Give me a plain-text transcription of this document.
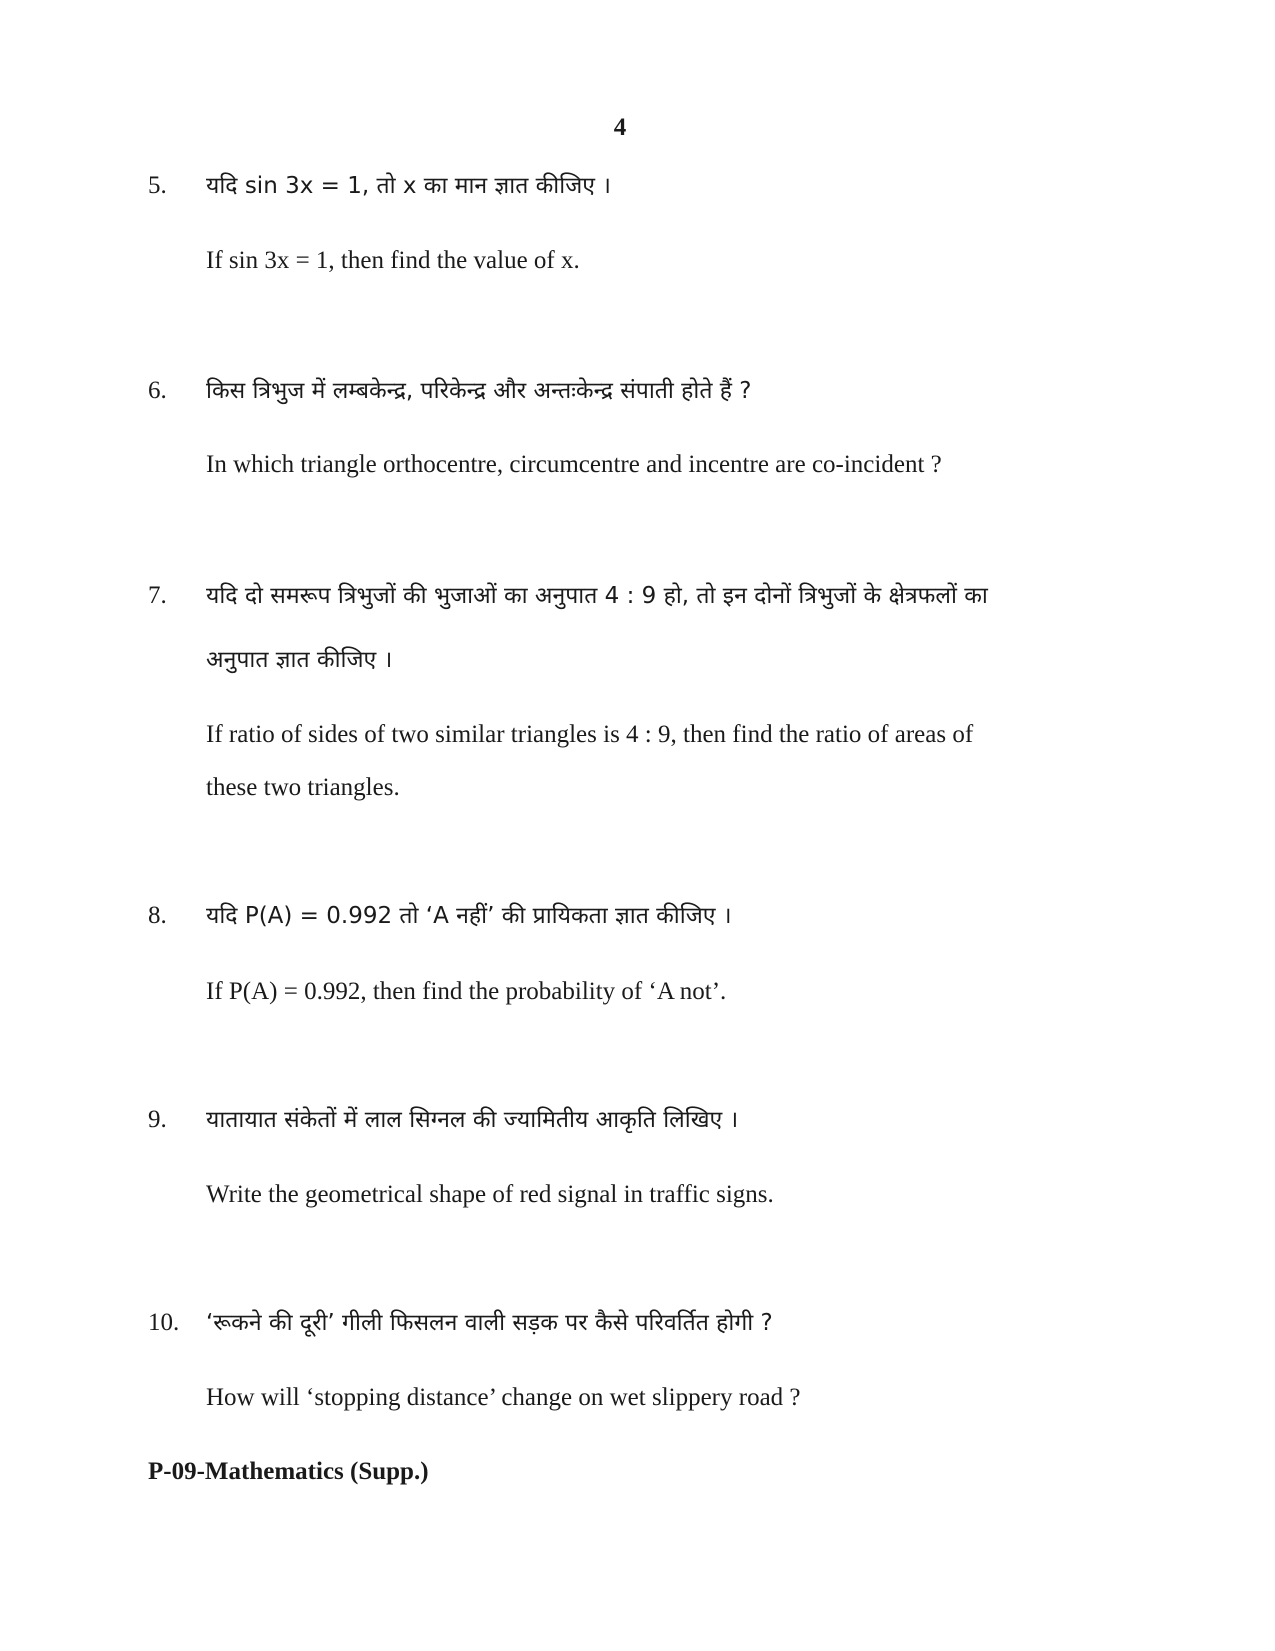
4
5. यदि sin 3x = 1, तो x का मान ज्ञात कीजिए ।
If sin 3x = 1, then find the value of x.
6. किस त्रिभुज में लम्बकेन्द्र, परिकेन्द्र और अन्तःकेन्द्र संपाती होते हैं ?
In which triangle orthocentre, circumcentre and incentre are co-incident ?
7. यदि दो समरूप त्रिभुजों की भुजाओं का अनुपात 4 : 9 हो, तो इन दोनों त्रिभुजों के क्षेत्रफलों का
अनुपात ज्ञात कीजिए ।
If ratio of sides of two similar triangles is 4 : 9, then find the ratio of areas of
these two triangles.
8. यदि P(A) = 0.992 तो ‘A नहीं’ की प्रायिकता ज्ञात कीजिए ।
If P(A) = 0.992, then find the probability of ‘A not’.
9. यातायात संकेतों में लाल सिग्नल की ज्यामितीय आकृति लिखिए ।
Write the geometrical shape of red signal in traffic signs.
10. ‘रूकने की दूरी’ गीली फिसलन वाली सड़क पर कैसे परिवर्तित होगी ?
How will ‘stopping distance’ change on wet slippery road ?
P-09-Mathematics (Supp.)
